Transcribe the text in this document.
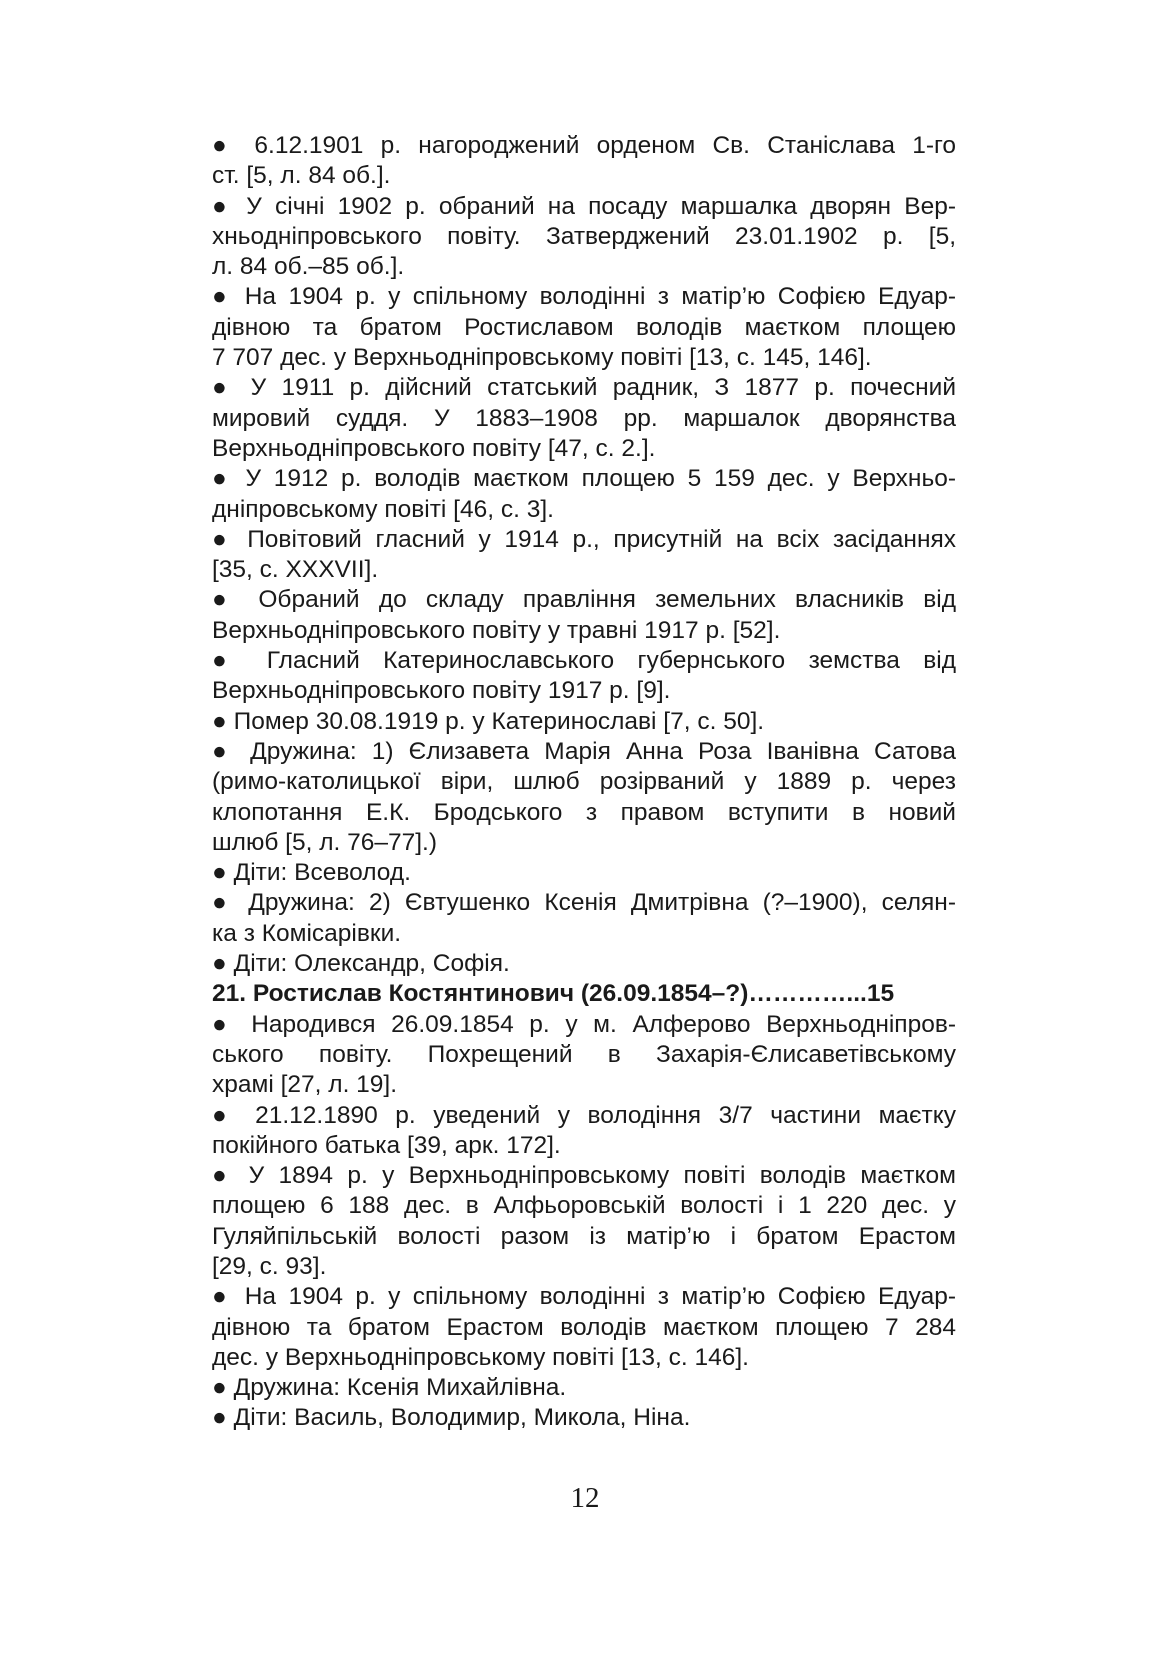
● 6.12.1901 р. нагороджений орденом Св. Станіслава 1-го
ст. [5, л. 84 об.].
● У січні 1902 р. обраний на посаду маршалка дворян Вер-
хньодніпровського повіту. Затверджений 23.01.1902 р. [5,
л. 84 об.–85 об.].
● На 1904 р. у спільному володінні з матір’ю Софією Едуар-
дівною та братом Ростиславом володів маєтком площею
7 707 дес. у Верхньодніпровському повіті [13, с. 145, 146].
● У 1911 р. дійсний статський радник, З 1877 р. почесний
мировий суддя. У 1883–1908 рр. маршалок дворянства
Верхньодніпровського повіту [47, с. 2.].
● У 1912 р. володів маєтком площею 5 159 дес. у Верхньо-
дніпровському повіті [46, с. 3].
● Повітовий гласний у 1914 р., присутній на всіх засіданнях
[35, с. XXXVII].
● Обраний до складу правління земельних власників від
Верхньодніпровського повіту у травні 1917 р. [52].
● Гласний Катеринославського губернського земства від
Верхньодніпровського повіту 1917 р. [9].
● Помер 30.08.1919 р. у Катеринославі [7, с. 50].
● Дружина: 1) Єлизавета Марія Анна Роза Іванівна Сатова
(римо-католицької віри, шлюб розірваний у 1889 р. через
клопотання Е.К. Бродського з правом вступити в новий
шлюб [5, л. 76–77].)
● Діти: Всеволод.
● Дружина: 2) Євтушенко Ксенія Дмитрівна (?–1900), селян-
ка з Комісарівки.
● Діти: Олександр, Софія.
21. Ростислав Костянтинович (26.09.1854–?)…………...15
● Народився 26.09.1854 р. у м. Алферово Верхньодніпров-
ського повіту. Похрещений в Захарія-Єлисаветівському
храмі [27, л. 19].
● 21.12.1890 р. уведений у володіння 3/7 частини маєтку
покійного батька [39, арк. 172].
● У 1894 р. у Верхньодніпровському повіті володів маєтком
площею 6 188 дес. в Алфьоровській волості і 1 220 дес. у
Гуляйпільській волості разом із матір’ю і братом Ерастом
[29, с. 93].
● На 1904 р. у спільному володінні з матір’ю Софією Едуар-
дівною та братом Ерастом володів маєтком площею 7 284
дес. у Верхньодніпровському повіті [13, с. 146].
● Дружина: Ксенія Михайлівна.
● Діти: Василь, Володимир, Микола, Ніна.
12
